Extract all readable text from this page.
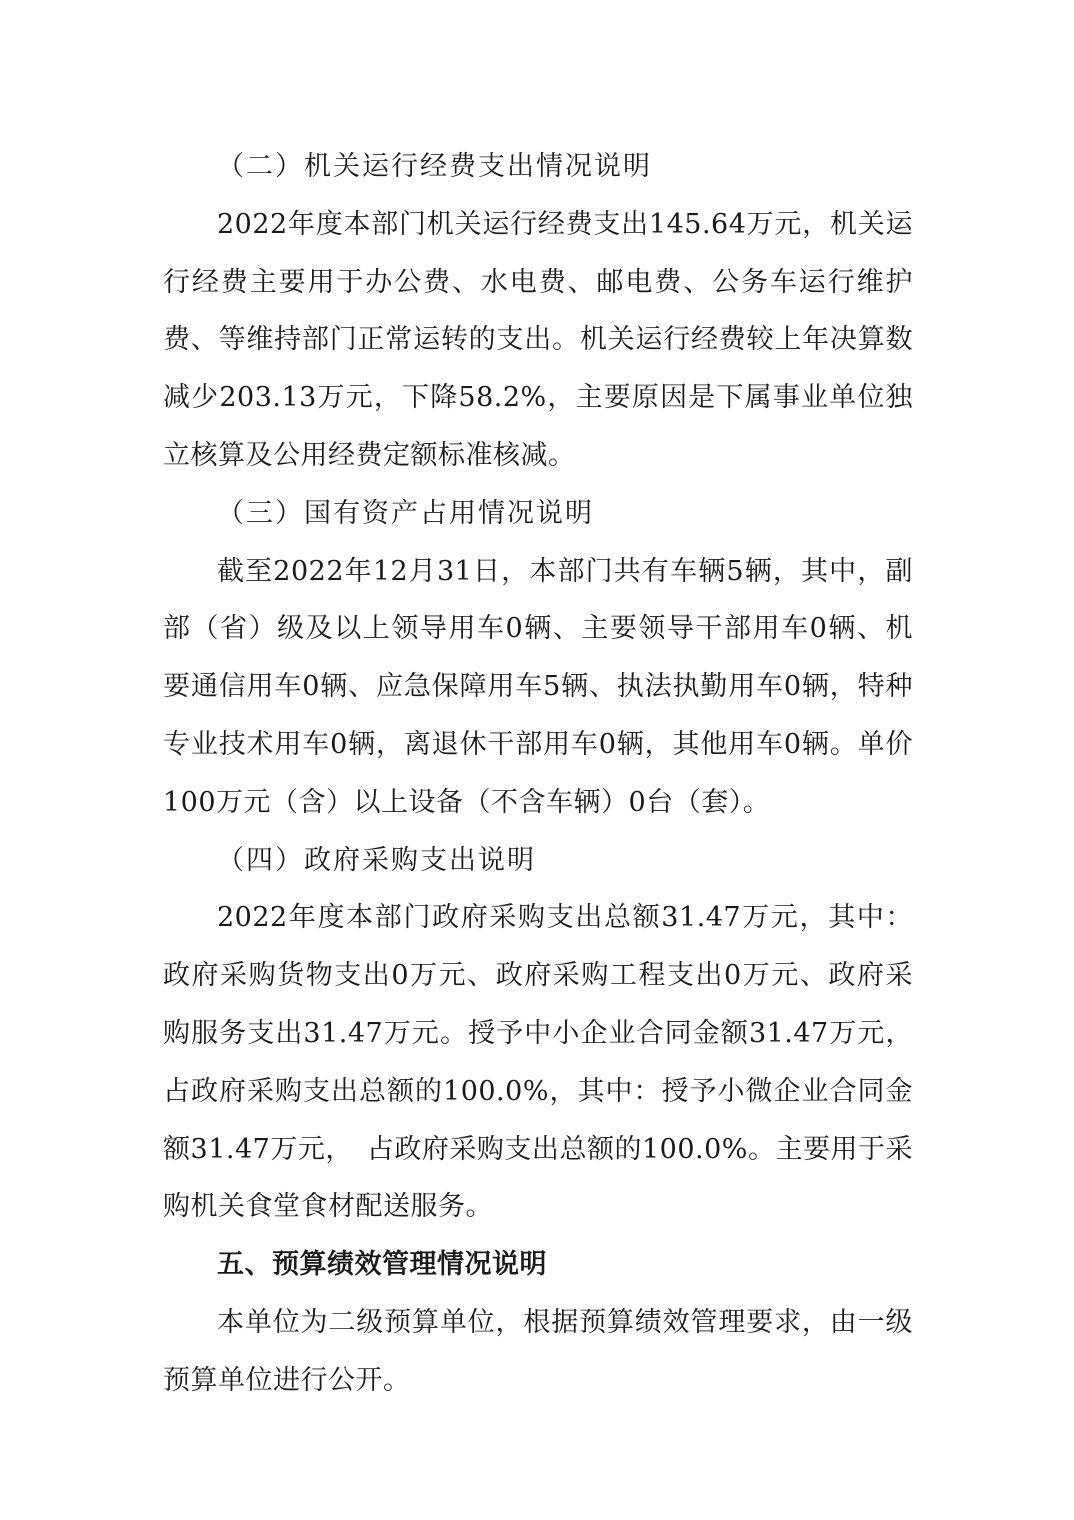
（二）机关运行经费支出情况说明

2022年度本部门机关运行经费支出145.64万元，机关运行经费主要用于办公费、水电费、邮电费、公务车运行维护费、等维持部门正常运转的支出。机关运行经费较上年决算数减少203.13万元，下降58.2%，主要原因是下属事业单位独立核算及公用经费定额标准核减。

（三）国有资产占用情况说明

截至2022年12月31日，本部门共有车辆5辆，其中，副部（省）级及以上领导用车0辆、主要领导干部用车0辆、机要通信用车0辆、应急保障用车5辆、执法执勤用车0辆，特种专业技术用车0辆，离退休干部用车0辆，其他用车0辆。单价100万元（含）以上设备（不含车辆）0台（套）。

（四）政府采购支出说明

2022年度本部门政府采购支出总额31.47万元，其中：政府采购货物支出0万元、政府采购工程支出0万元、政府采购服务支出31.47万元。授予中小企业合同金额31.47万元，占政府采购支出总额的100.0%，其中：授予小微企业合同金额31.47万元，　占政府采购支出总额的100.0%。主要用于采购机关食堂食材配送服务。

五、预算绩效管理情况说明

本单位为二级预算单位，根据预算绩效管理要求，由一级预算单位进行公开。
